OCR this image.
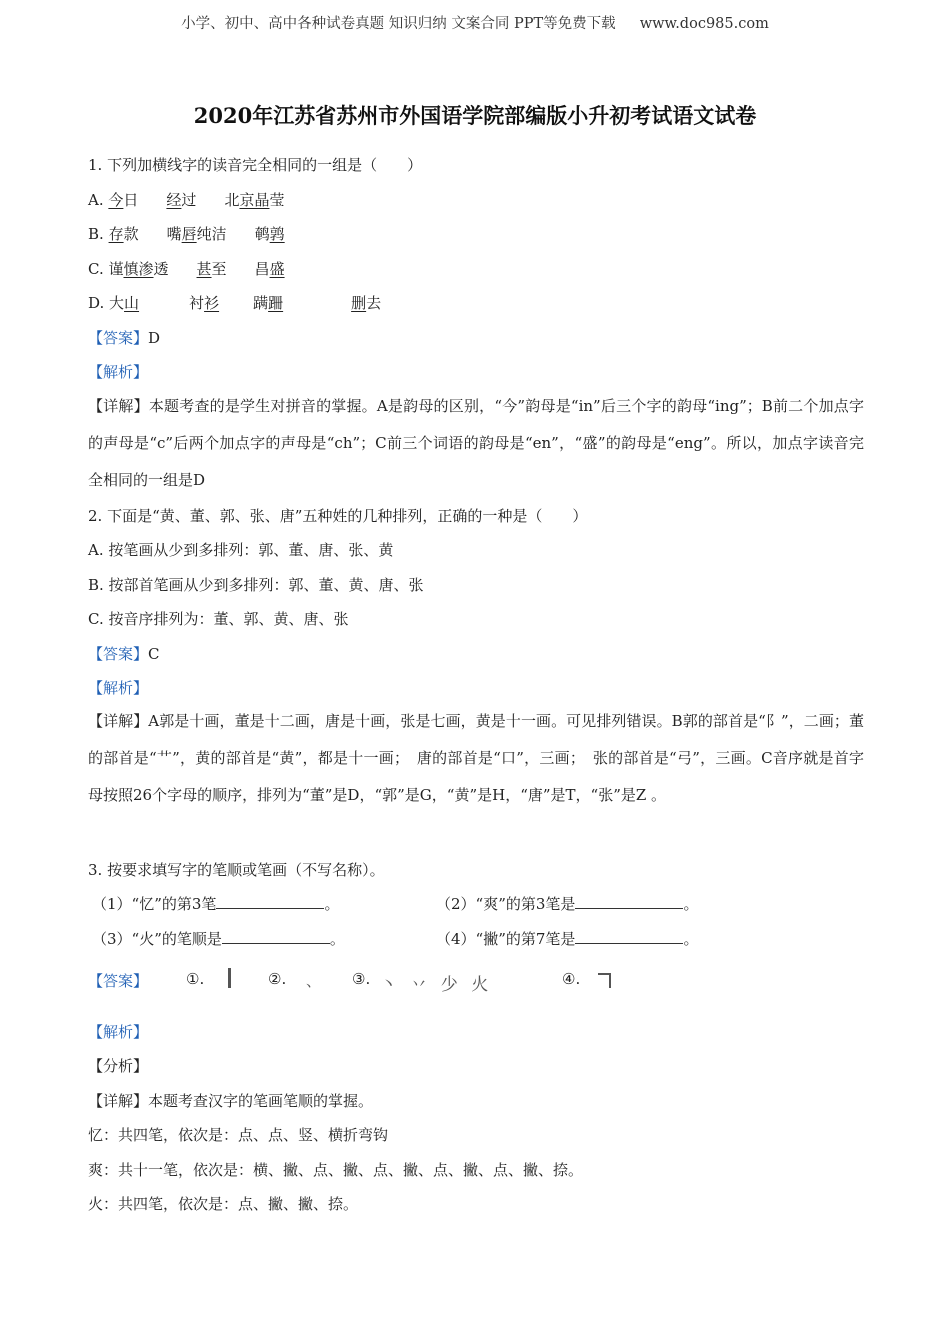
小学、初中、高中各种试卷真题 知识归纳 文案合同 PPT等免费下载 www.doc985.com
2020年江苏省苏州市外国语学院部编版小升初考试语文试卷
1. 下列加横线字的读音完全相同的一组是（　　）
A. 今日 经过 北京晶莹
B. 存款 嘴唇纯洁 鹌鹑
C. 谨慎渗透 甚至 昌盛
D. 大山	衬衫 蹒跚	删去
【答案】D
【解析】
【详解】本题考查的是学生对拼音的掌握。A是韵母的区别，“今”韵母是“in”后三个字的韵母“ing”；B前二个加点字的声母是“c”后两个加点字的声母是“ch”；C前三个词语的韵母是“en”，“盛”的韵母是“eng”。所以，加点字读音完全相同的一组是D
2. 下面是“黄、董、郭、张、唐”五种姓的几种排列，正确的一种是（　　）
A. 按笔画从少到多排列：郭、董、唐、张、黄
B. 按部首笔画从少到多排列：郭、董、黄、唐、张
C. 按音序排列为：董、郭、黄、唐、张
【答案】C
【解析】
【详解】A郭是十画，董是十二画，唐是十画，张是七画，黄是十一画。可见排列错误。B郭的部首是“阝”，二画；董的部首是“艹”，黄的部首是“黄”，都是十一画；　唐的部首是“口”，三画；　张的部首是“弓”，三画。C音序就是首字母按照26个字母的顺序，排列为“董”是D，“郭”是G，“黄”是H，“唐”是T，“张”是Z 。
3. 按要求填写字的笔顺或笔画（不写名称）。
（1）“忆”的第3笔	。	（2）“爽”的第3笔是	。
（3）“火”的笔顺是	。	（4）“撇”的第7笔是	。
【答案】	①.	②. 、 ③. 丶 丷 少 火	④.
【解析】
【分析】
【详解】本题考查汉字的笔画笔顺的掌握。
忆：共四笔，依次是：点、点、竖、横折弯钩
爽：共十一笔，依次是：横、撇、点、撇、点、撇、点、撇、点、撇、捺。
火：共四笔，依次是：点、撇、撇、捺。
